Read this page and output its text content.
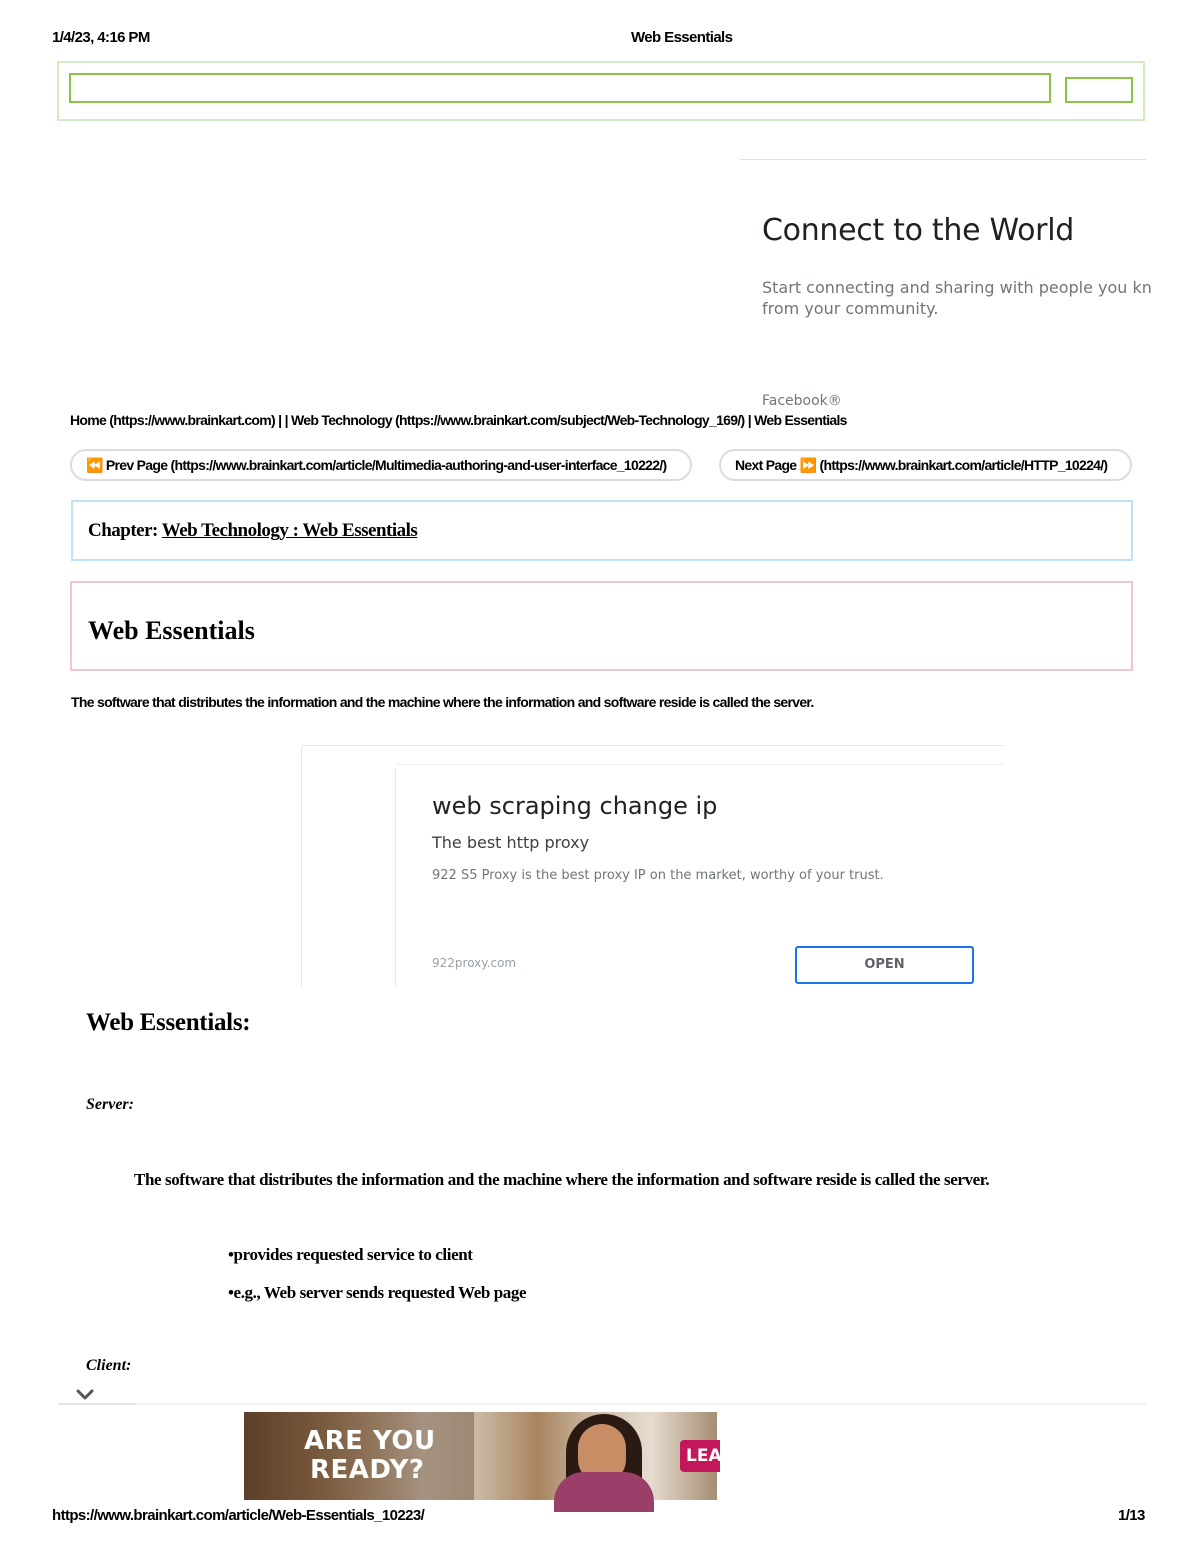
1/4/23, 4:16 PM	Web Essentials
Connect to the World
Start connecting and sharing with people you kn
from your community.
Facebook®
Home (https://www.brainkart.com) | | Web Technology (https://www.brainkart.com/subject/Web-Technology_169/) | Web Essentials
⏪ Prev Page (https://www.brainkart.com/article/Multimedia-authoring-and-user-interface_10222/)	Next Page ⏩ (https://www.brainkart.com/article/HTTP_10224/)
Chapter: Web Technology : Web Essentials
Web Essentials
The software that distributes the information and the machine where the information and software reside is called the server.
web scraping change ip
The best http proxy
922 S5 Proxy is the best proxy IP on the market, worthy of your trust.
922proxy.com	OPEN
Web Essentials:
Server:
The software that distributes the information and the machine where the information and software reside is called the server.
•provides requested service to client
•e.g., Web server sends requested Web page
Client:
ARE YOU
READY?	LEARN
https://www.brainkart.com/article/Web-Essentials_10223/	1/13
